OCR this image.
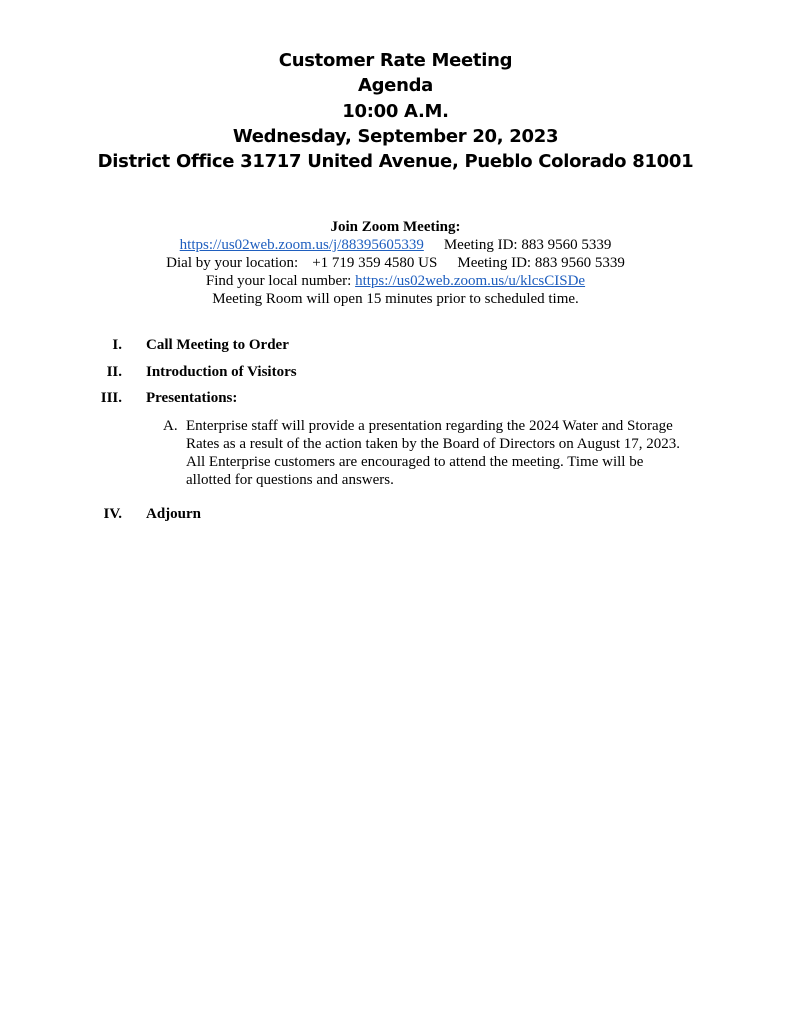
Customer Rate Meeting
Agenda
10:00 A.M.
Wednesday, September 20, 2023
District Office 31717 United Avenue, Pueblo Colorado 81001
Join Zoom Meeting:
https://us02web.zoom.us/j/88395605339 Meeting ID: 883 9560 5339
Dial by your location: +1 719 359 4580 US Meeting ID: 883 9560 5339
Find your local number: https://us02web.zoom.us/u/klcsCISDe
Meeting Room will open 15 minutes prior to scheduled time.
I. Call Meeting to Order
II. Introduction of Visitors
III. Presentations:
A. Enterprise staff will provide a presentation regarding the 2024 Water and Storage
Rates as a result of the action taken by the Board of Directors on August 17, 2023.
All Enterprise customers are encouraged to attend the meeting. Time will be
allotted for questions and answers.
IV. Adjourn
